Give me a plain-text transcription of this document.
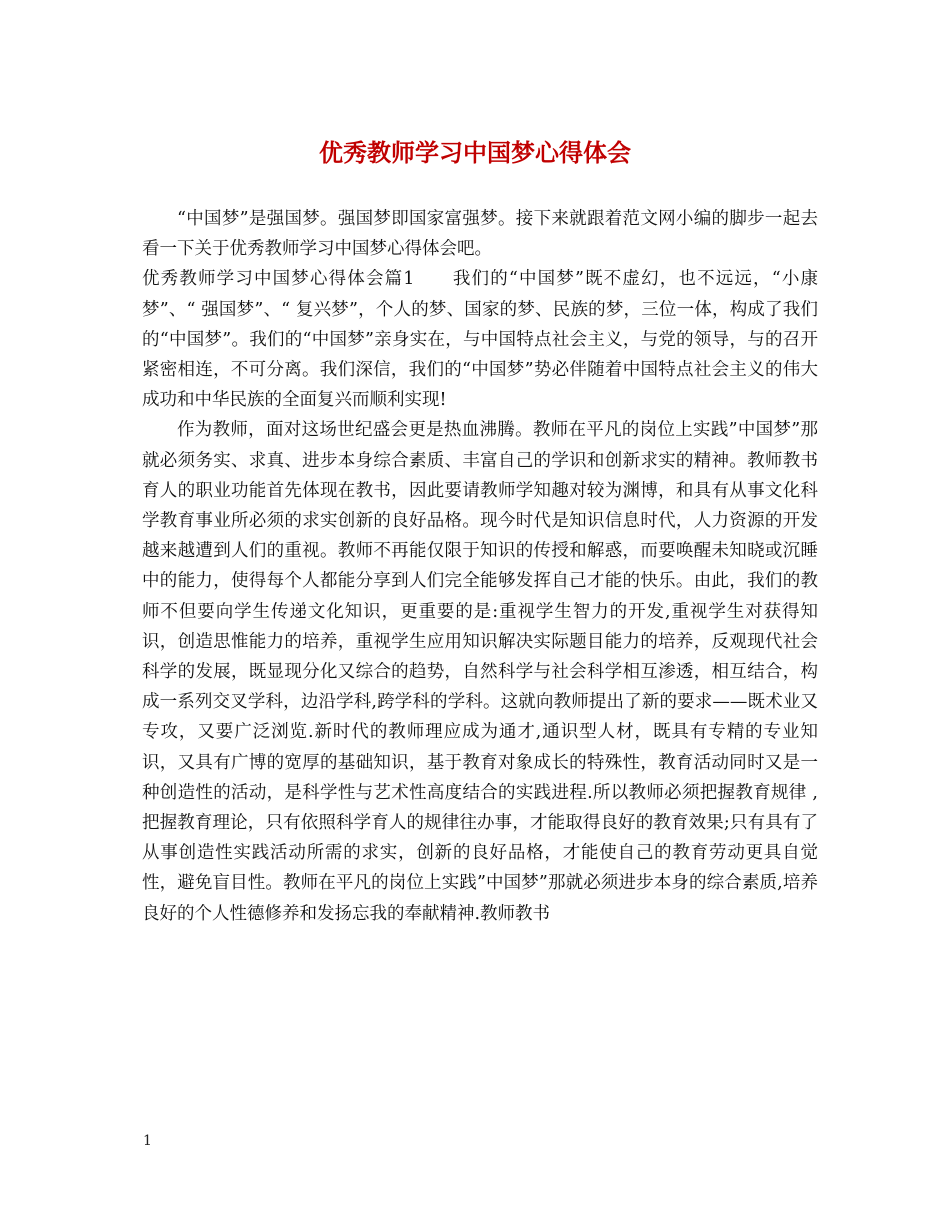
优秀教师学习中国梦心得体会

“中国梦”是强国梦。强国梦即国家富强梦。接下来就跟着范文网小编的脚步一起去看一下关于优秀教师学习中国梦心得体会吧。

优秀教师学习中国梦心得体会篇1　　我们的“中国梦”既不虚幻，也不远远，“小康梦”、“ 强国梦”、“ 复兴梦”，个人的梦、国家的梦、民族的梦，三位一体，构成了我们的“中国梦”。我们的“中国梦”亲身实在，与中国特点社会主义，与党的领导，与的召开紧密相连，不可分离。我们深信，我们的“中国梦”势必伴随着中国特点社会主义的伟大成功和中华民族的全面复兴而顺利实现!

作为教师，面对这场世纪盛会更是热血沸腾。教师在平凡的岗位上实践”中国梦”那就必须务实、求真、进步本身综合素质、丰富自己的学识和创新求实的精神。教师教书育人的职业功能首先体现在教书，因此要请教师学知趣对较为渊博，和具有从事文化科学教育事业所必须的求实创新的良好品格。现今时代是知识信息时代，人力资源的开发越来越遭到人们的重视。教师不再能仅限于知识的传授和解惑，而要唤醒未知晓或沉睡中的能力，使得每个人都能分享到人们完全能够发挥自己才能的快乐。由此，我们的教师不但要向学生传递文化知识，更重要的是:重视学生智力的开发,重视学生对获得知识，创造思惟能力的培养，重视学生应用知识解决实际题目能力的培养，反观现代社会科学的发展，既显现分化又综合的趋势，自然科学与社会科学相互渗透，相互结合，构成一系列交叉学科，边沿学科,跨学科的学科。这就向教师提出了新的要求——既术业又专攻，又要广泛浏览.新时代的教师理应成为通才,通识型人材，既具有专精的专业知识，又具有广博的宽厚的基础知识，基于教育对象成长的特殊性，教育活动同时又是一种创造性的活动，是科学性与艺术性高度结合的实践进程.所以教师必须把握教育规律 ,把握教育理论，只有依照科学育人的规律往办事，才能取得良好的教育效果;只有具有了从事创造性实践活动所需的求实，创新的良好品格，才能使自己的教育劳动更具自觉性，避免盲目性。教师在平凡的岗位上实践”中国梦”那就必须进步本身的综合素质,培养良好的个人性德修养和发扬忘我的奉献精神.教师教书

1
